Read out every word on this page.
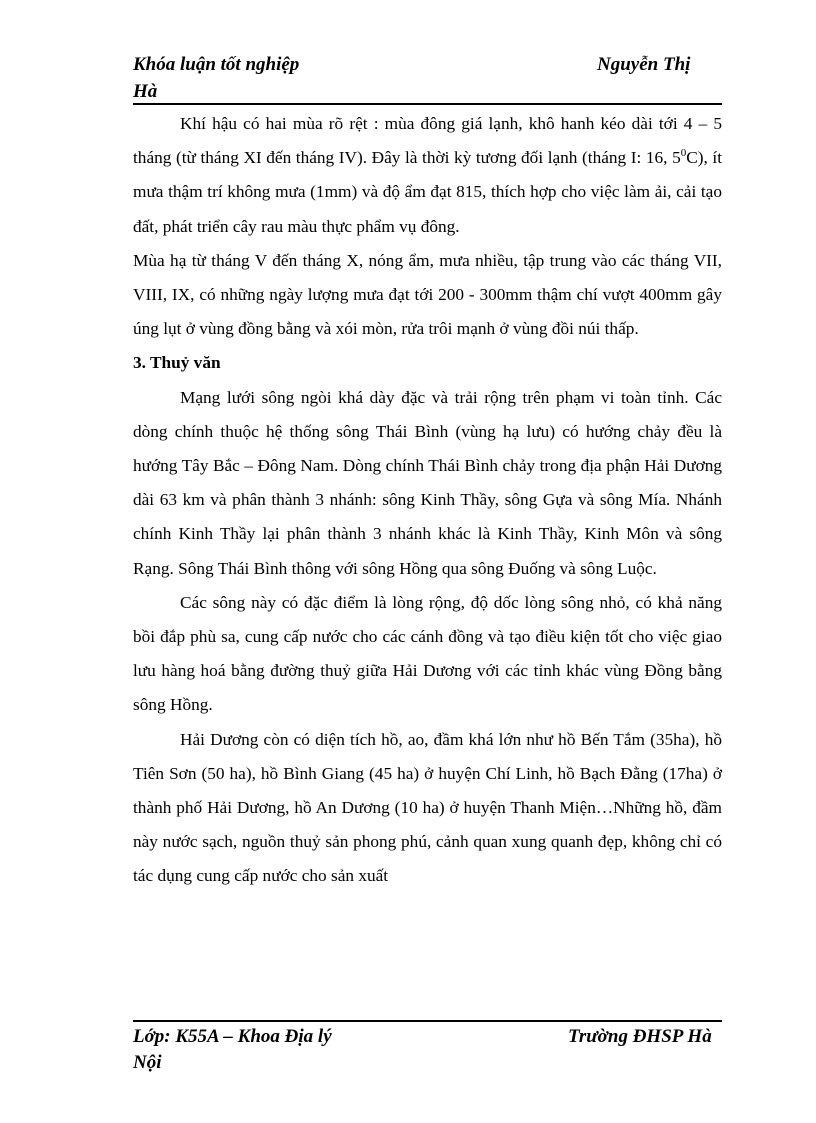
Khóa luận tốt nghiệp	Nguyễn Thị
Hà

Khí hậu có hai mùa rõ rệt : mùa đông giá lạnh, khô hanh kéo dài tới 4 – 5 tháng (từ tháng XI đến tháng IV). Đây là thời kỳ tương đối lạnh (tháng I: 16, $5^0C$), ít mưa thậm trí không mưa (1mm) và độ ẩm đạt 815, thích hợp cho việc làm ải, cải tạo đất, phát triển cây rau màu thực phẩm vụ đông.

Mùa hạ từ tháng V đến tháng X, nóng ẩm, mưa nhiều, tập trung vào các tháng VII, VIII, IX, có những ngày lượng mưa đạt tới 200 - 300mm thậm chí vượt 400mm gây úng lụt ở vùng đồng bằng và xói mòn, rửa trôi mạnh ở vùng đồi núi thấp.

3. Thuỷ văn

Mạng lưới sông ngòi khá dày đặc và trải rộng trên phạm vi toàn tỉnh. Các dòng chính thuộc hệ thống sông Thái Bình (vùng hạ lưu) có hướng chảy đều là hướng Tây Bắc – Đông Nam. Dòng chính Thái Bình chảy trong địa phận Hải Dương dài 63 km và phân thành 3 nhánh: sông Kinh Thầy, sông Gựa và sông Mía. Nhánh chính Kinh Thầy lại phân thành 3 nhánh khác là Kinh Thầy, Kinh Môn và sông Rạng. Sông Thái Bình thông với sông Hồng qua sông Đuống và sông Luộc.

Các sông này có đặc điểm là lòng rộng, độ dốc lòng sông nhỏ, có khả năng bồi đắp phù sa, cung cấp nước cho các cánh đồng và tạo điều kiện tốt cho việc giao lưu hàng hoá bằng đường thuỷ giữa Hải Dương với các tỉnh khác vùng Đồng bằng sông Hồng.

Hải Dương còn có diện tích hồ, ao, đầm khá lớn như hồ Bến Tắm (35ha), hồ Tiên Sơn (50 ha), hồ Bình Giang (45 ha) ở huyện Chí Linh, hồ Bạch Đằng (17ha) ở thành phố Hải Dương, hồ An Dương (10 ha) ở huyện Thanh Miện…Những hồ, đầm này nước sạch, nguồn thuỷ sản phong phú, cảnh quan xung quanh đẹp, không chỉ có tác dụng cung cấp nước cho sản xuất

Lớp: K55A – Khoa Địa lý	Trường ĐHSP Hà
Nội
